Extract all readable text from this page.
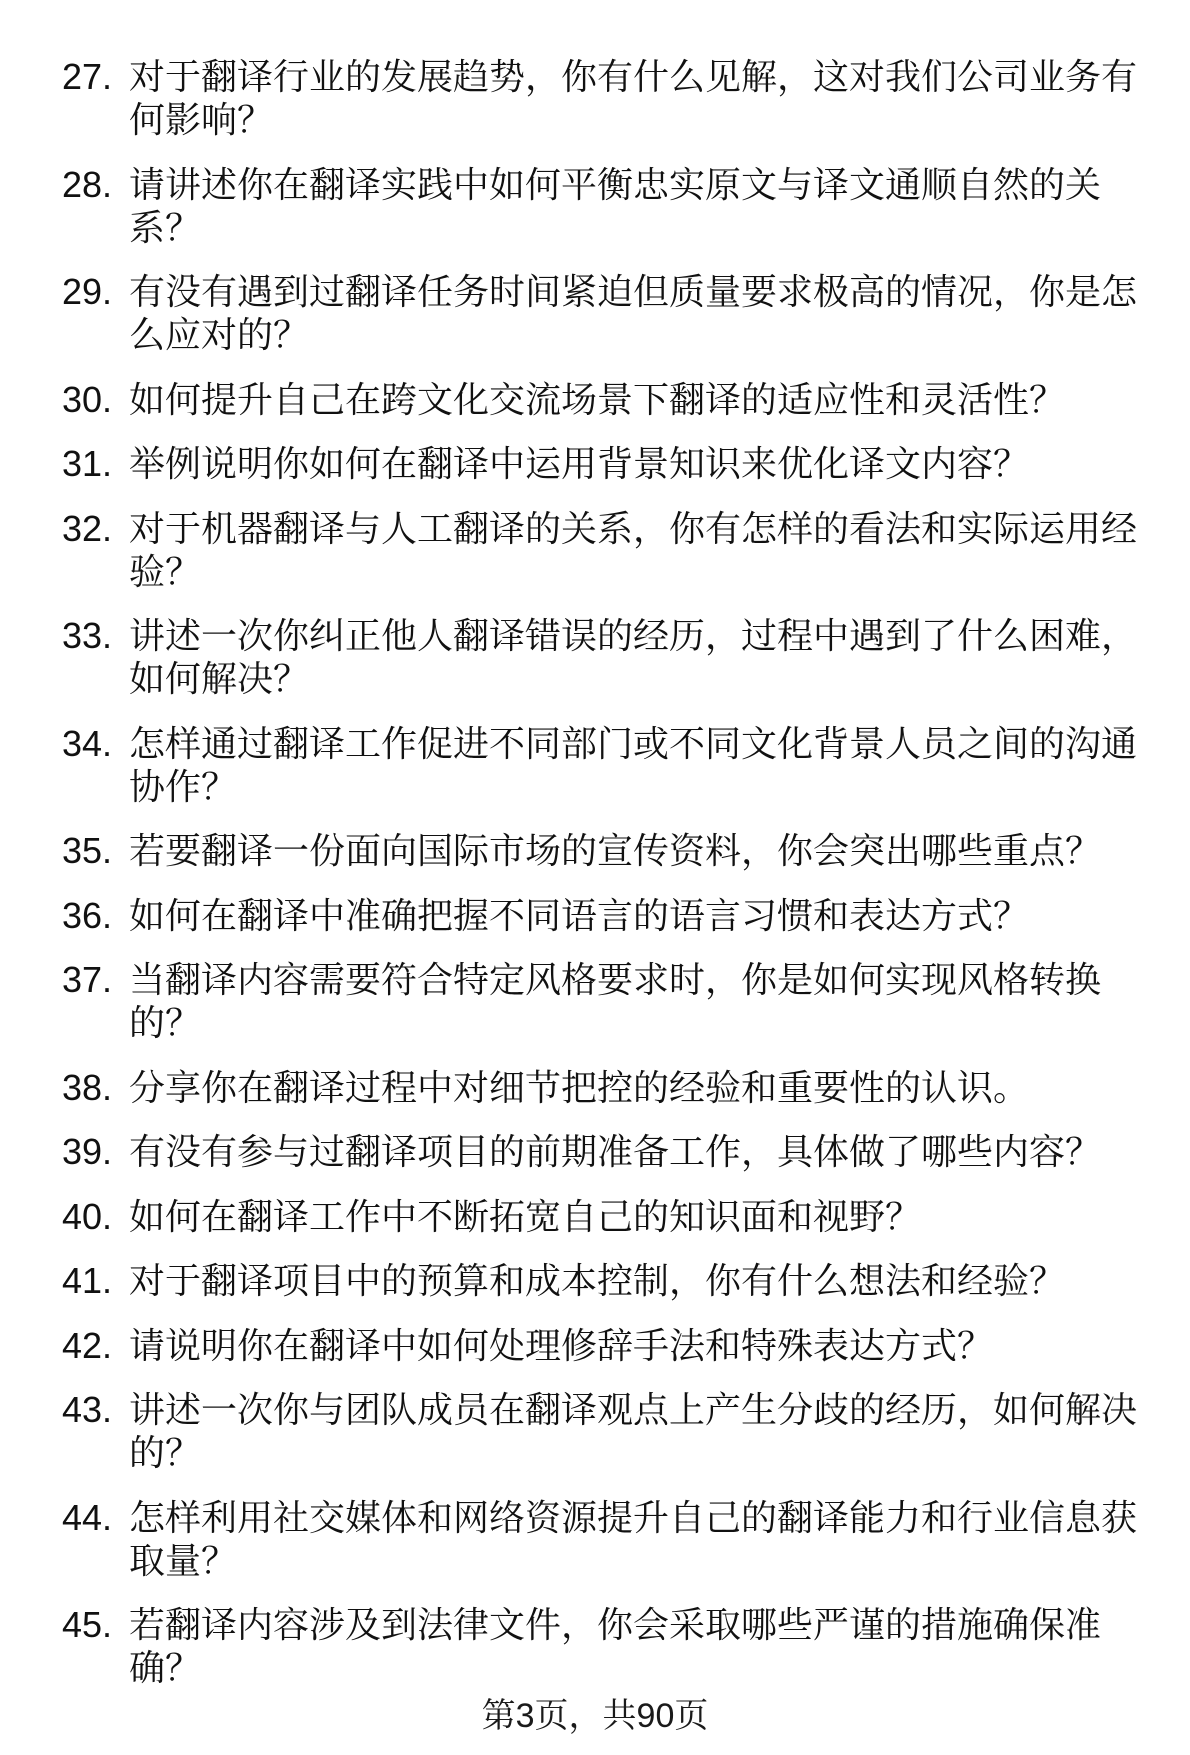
27. 对于翻译行业的发展趋势，你有什么见解，这对我们公司业务有何影响？
28. 请讲述你在翻译实践中如何平衡忠实原文与译文通顺自然的关系？
29. 有没有遇到过翻译任务时间紧迫但质量要求极高的情况，你是怎么应对的？
30. 如何提升自己在跨文化交流场景下翻译的适应性和灵活性？
31. 举例说明你如何在翻译中运用背景知识来优化译文内容？
32. 对于机器翻译与人工翻译的关系，你有怎样的看法和实际运用经验？
33. 讲述一次你纠正他人翻译错误的经历，过程中遇到了什么困难，如何解决？
34. 怎样通过翻译工作促进不同部门或不同文化背景人员之间的沟通协作？
35. 若要翻译一份面向国际市场的宣传资料，你会突出哪些重点？
36. 如何在翻译中准确把握不同语言的语言习惯和表达方式？
37. 当翻译内容需要符合特定风格要求时，你是如何实现风格转换的？
38. 分享你在翻译过程中对细节把控的经验和重要性的认识。
39. 有没有参与过翻译项目的前期准备工作，具体做了哪些内容？
40. 如何在翻译工作中不断拓宽自己的知识面和视野？
41. 对于翻译项目中的预算和成本控制，你有什么想法和经验？
42. 请说明你在翻译中如何处理修辞手法和特殊表达方式？
43. 讲述一次你与团队成员在翻译观点上产生分歧的经历，如何解决的？
44. 怎样利用社交媒体和网络资源提升自己的翻译能力和行业信息获取量？
45. 若翻译内容涉及到法律文件，你会采取哪些严谨的措施确保准确？
第3页，共90页
